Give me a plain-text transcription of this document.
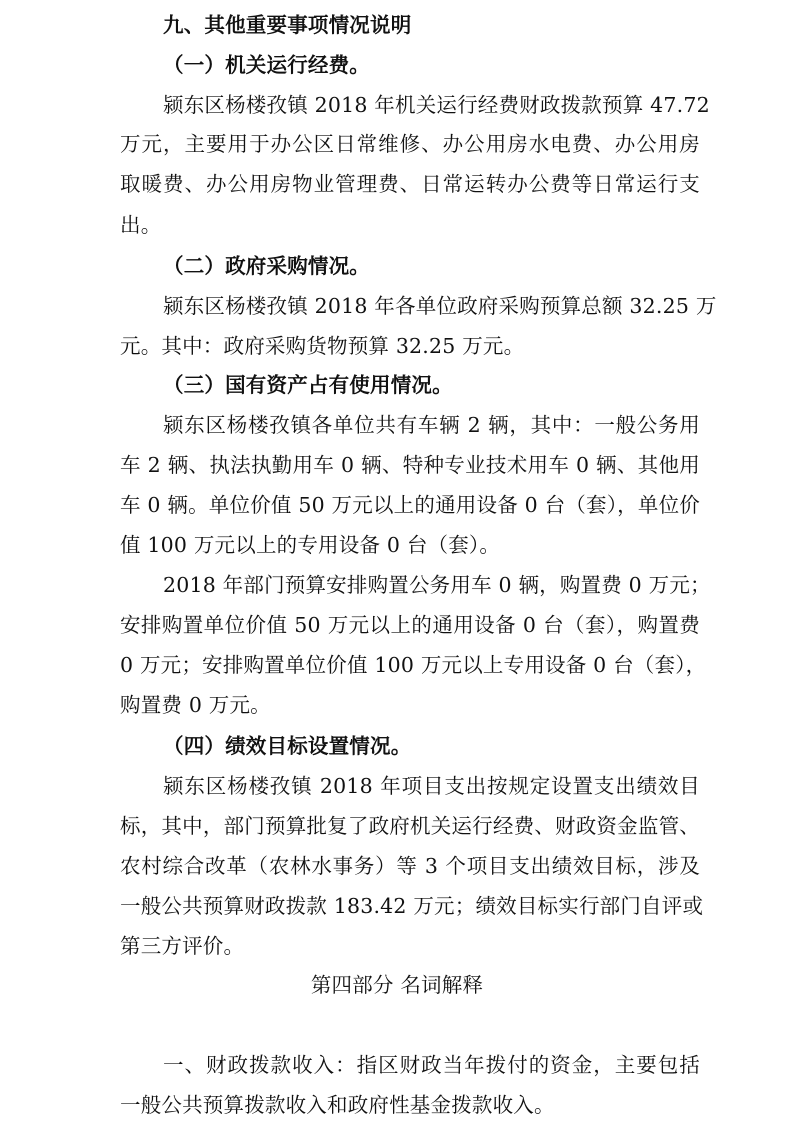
九、其他重要事项情况说明
（一）机关运行经费。
颍东区杨楼孜镇 2018 年机关运行经费财政拨款预算 47.72
万元，主要用于办公区日常维修、办公用房水电费、办公用房
取暖费、办公用房物业管理费、日常运转办公费等日常运行支
出。
（二）政府采购情况。
颍东区杨楼孜镇 2018 年各单位政府采购预算总额 32.25 万
元。其中：政府采购货物预算 32.25 万元。
（三）国有资产占有使用情况。
颍东区杨楼孜镇各单位共有车辆 2 辆，其中：一般公务用
车 2 辆、执法执勤用车 0 辆、特种专业技术用车 0 辆、其他用
车 0 辆。单位价值 50 万元以上的通用设备 0 台（套），单位价
值 100 万元以上的专用设备 0 台（套）。
2018 年部门预算安排购置公务用车 0 辆，购置费 0 万元；
安排购置单位价值 50 万元以上的通用设备 0 台（套），购置费
0 万元；安排购置单位价值 100 万元以上专用设备 0 台（套），
购置费 0 万元。
（四）绩效目标设置情况。
颍东区杨楼孜镇 2018 年项目支出按规定设置支出绩效目
标，其中，部门预算批复了政府机关运行经费、财政资金监管、
农村综合改革（农林水事务）等 3 个项目支出绩效目标，涉及
一般公共预算财政拨款 183.42 万元；绩效目标实行部门自评或
第三方评价。
第四部分 名词解释
一、财政拨款收入：指区财政当年拨付的资金，主要包括
一般公共预算拨款收入和政府性基金拨款收入。
